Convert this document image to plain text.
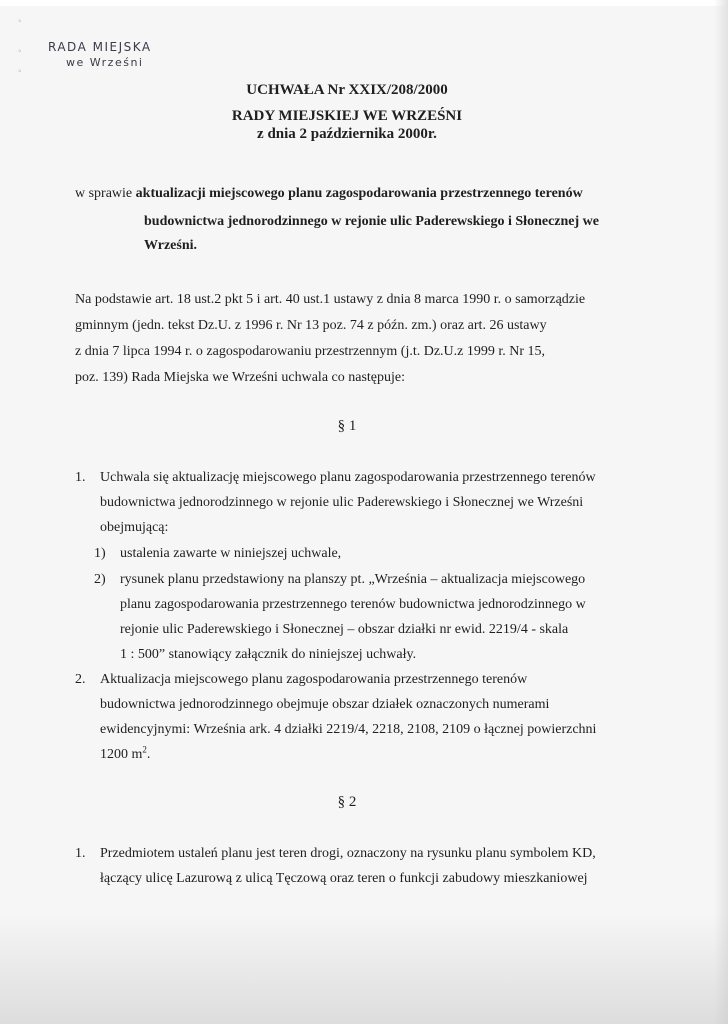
◦
◦
◦
RADA MIEJSKA
we Wrześni
UCHWAŁA Nr XXIX/208/2000
RADY MIEJSKIEJ WE WRZEŚNI
z dnia 2 października 2000r.
w sprawie aktualizacji miejscowego planu zagospodarowania przestrzennego terenów
budownictwa jednorodzinnego w rejonie ulic Paderewskiego i Słonecznej we
Wrześni.
Na podstawie art. 18 ust.2 pkt 5 i art. 40 ust.1 ustawy z dnia 8 marca 1990 r. o samorządzie
gminnym (jedn. tekst Dz.U. z 1996 r. Nr 13 poz. 74 z późn. zm.) oraz art. 26 ustawy
z dnia 7 lipca 1994 r. o zagospodarowaniu przestrzennym (j.t. Dz.U.z 1999 r. Nr 15,
poz. 139) Rada Miejska we Wrześni uchwala co następuje:
§ 1
1. Uchwala się aktualizację miejscowego planu zagospodarowania przestrzennego terenów
budownictwa jednorodzinnego w rejonie ulic Paderewskiego i Słonecznej we Wrześni
obejmującą:
1) ustalenia zawarte w niniejszej uchwale,
2) rysunek planu przedstawiony na planszy pt. „Września – aktualizacja miejscowego
planu zagospodarowania przestrzennego terenów budownictwa jednorodzinnego w
rejonie ulic Paderewskiego i Słonecznej – obszar działki nr ewid. 2219/4 - skala
1 : 500” stanowiący załącznik do niniejszej uchwały.
2. Aktualizacja miejscowego planu zagospodarowania przestrzennego terenów
budownictwa jednorodzinnego obejmuje obszar działek oznaczonych numerami
ewidencyjnymi: Września ark. 4 działki 2219/4, 2218, 2108, 2109 o łącznej powierzchni
1200 $m^2$.
§ 2
1. Przedmiotem ustaleń planu jest teren drogi, oznaczony na rysunku planu symbolem KD,
łączący ulicę Lazurową z ulicą Tęczową oraz teren o funkcji zabudowy mieszkaniowej
